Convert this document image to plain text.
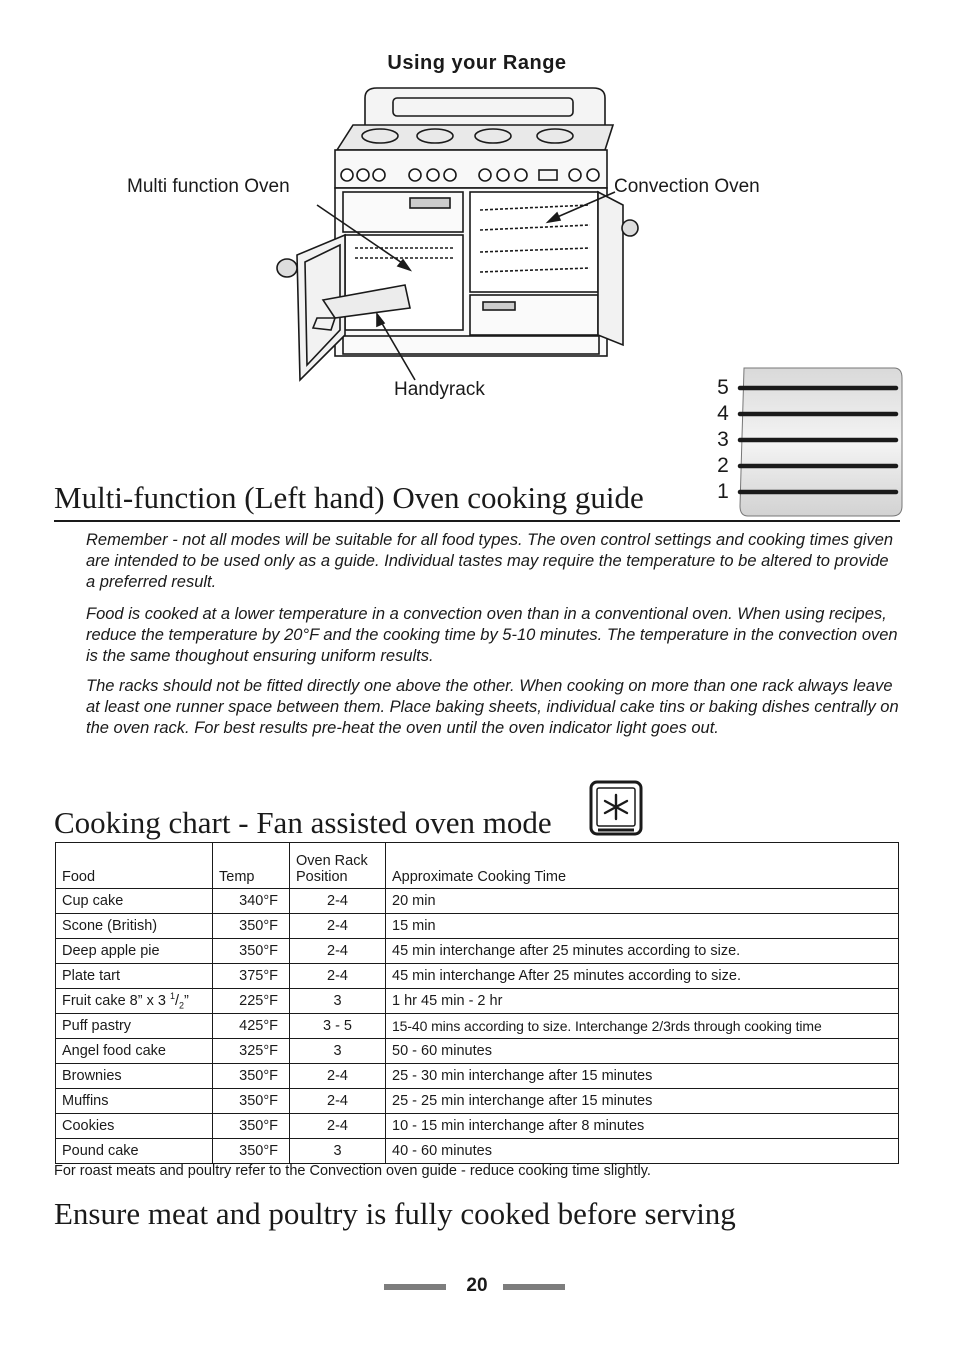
Using your Range
Multi function Oven	Convection Oven
Handyrack	5
4
3
2
1
Multi-function (Left hand) Oven cooking guide
Remember - not all modes will be suitable for all food types. The oven control settings and cooking times given are intended to be used only as a guide. Individual tastes may require the temperature to be altered to provide a preferred result.
Food is cooked at a lower temperature in a convection oven than in a conventional oven. When using recipes, reduce the temperature by 20°F and the cooking time by 5-10 minutes. The temperature in the convection oven is the same thoughout ensuring uniform results.
The racks should not be fitted directly one above the other. When cooking on more than one rack always leave at least one runner space between them. Place baking sheets, individual cake tins or baking dishes centrally on the oven rack. For best results pre-heat the oven until the oven indicator light goes out.
Cooking chart - Fan assisted oven mode
Food	Temp	Oven Rack
Position	Approximate Cooking Time
Cup cake	340°F	2-4	20 min
Scone (British)	350°F	2-4	15 min
Deep apple pie	350°F	2-4	45 min interchange after 25 minutes according to size.
Plate tart	375°F	2-4	45 min interchange After 25 minutes according to size.
Fruit cake 8” x 3 $^1/_2$”	225°F	3	1 hr 45 min - 2 hr
Puff pastry	425°F	3 - 5	15-40 mins according to size. Interchange 2/3rds through cooking time
Angel food cake	325°F	3	50 - 60 minutes
Brownies	350°F	2-4	25 - 30 min interchange after 15 minutes
Muffins	350°F	2-4	25 - 25 min interchange after 15 minutes
Cookies	350°F	2-4	10 - 15 min interchange after 8 minutes
Pound cake	350°F	3	40 - 60 minutes
For roast meats and poultry refer to the Convection oven guide - reduce cooking time slightly.
Ensure meat and poultry is fully cooked before serving
20
